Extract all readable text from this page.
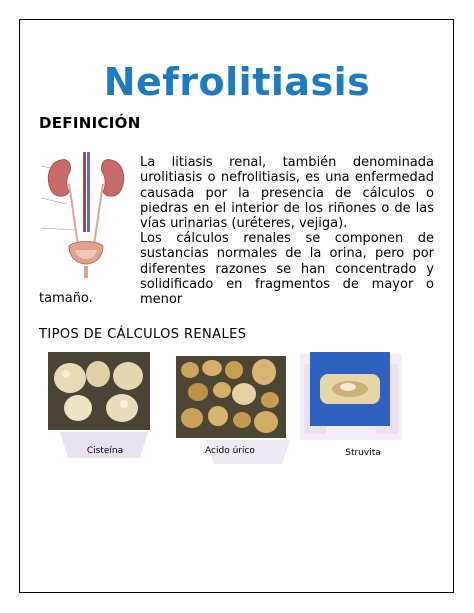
Nefrolitiasis
DEFINICIÓN
La litiasis renal, también denominada urolitiasis o nefrolitiasis, es una enfermedad causada por la presencia de cálculos o piedras en el interior de los riñones o de las vías urinarias (uréteres, vejiga).
Los cálculos renales se componen de sustancias normales de la orina, pero por diferentes razones se han concentrado y solidificado en fragmentos de mayor o menor
tamaño.
TIPOS DE CÁLCULOS RENALES
Cisteína	Acido úrico	Struvita
